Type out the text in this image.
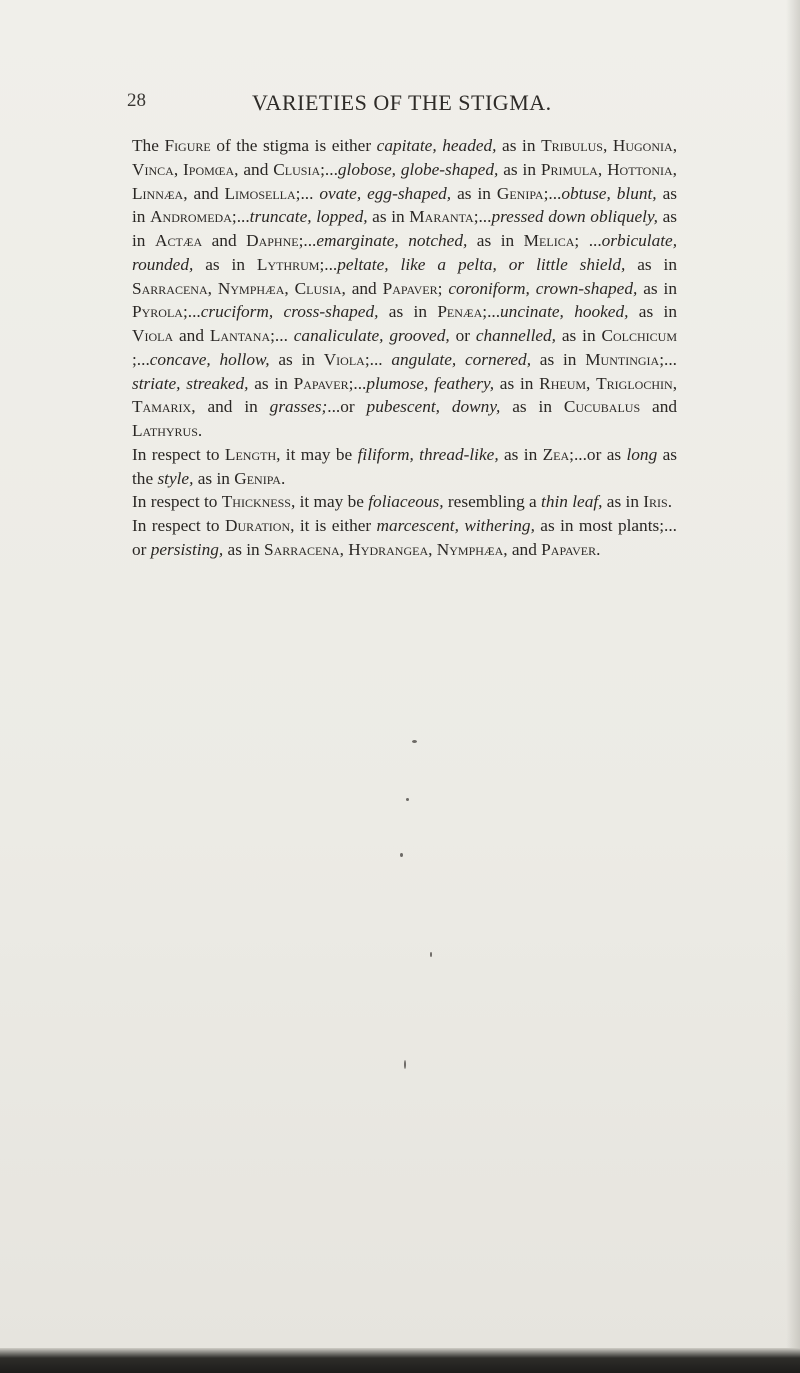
28	VARIETIES OF THE STIGMA.

The Figure of the stigma is either capitate, headed, as in Tribulus, Hugonia, Vinca, Ipomœa, and Clusia;...globose, globe-shaped, as in Primula, Hottonia, Linnæa, and Limosella;... ovate, egg-shaped, as in Genipa;...obtuse, blunt, as in Andromeda;...truncate, lopped, as in Maranta;...pressed down obliquely, as in Actæa and Daphne;...emarginate, notched, as in Melica; ...orbiculate, rounded, as in Lythrum;...peltate, like a pelta, or little shield, as in Sarracena, Nymphæa, Clusia, and Papaver; coroniform, crown-shaped, as in Pyrola;...cruciform, cross-shaped, as in Penæa;...uncinate, hooked, as in Viola and Lantana;... canaliculate, grooved, or channelled, as in Colchicum ;...concave, hollow, as in Viola;... angulate, cornered, as in Muntingia;... striate, streaked, as in Papaver;...plumose, feathery, as in Rheum, Triglochin, Tamarix, and in grasses;...or pubescent, downy, as in Cucubalus and Lathyrus.

In respect to Length, it may be filiform, thread-like, as in Zea;...or as long as the style, as in Genipa.

In respect to Thickness, it may be foliaceous, resembling a thin leaf, as in Iris.

In respect to Duration, it is either marcescent, withering, as in most plants;... or persisting, as in Sarracena, Hydrangea, Nymphæa, and Papaver.
